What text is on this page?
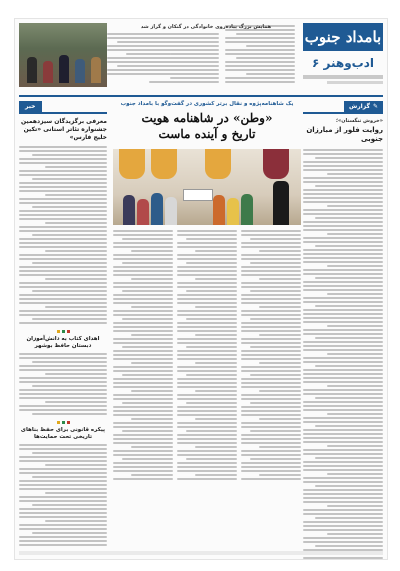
بامداد جنوب
ادب‌وهنر ۶
همایش بزرگ پیاده‌روی خانوادگی در گنکان و گراز شد
✎
گزارش
«خروش تنگستان»؛
روایت فلور از مبارزان جنوبی
یک شاهنامه‌پژوه و نقال برتر کشوری در گفت‌وگو با بامداد جنوب
«وطن» در شاهنامه هویت
تاریخ و آینده ماست
خبر
معرفی برگزیدگان سیزدهمین جشنواره تئاتر استانی «تکین خلیج فارس»
اهدای کتاب به دانش‌آموزان دبستان حافظ بوشهر
پیکره قانونی برای حفظ بناهای تاریخی تحت حمایت‌ها
